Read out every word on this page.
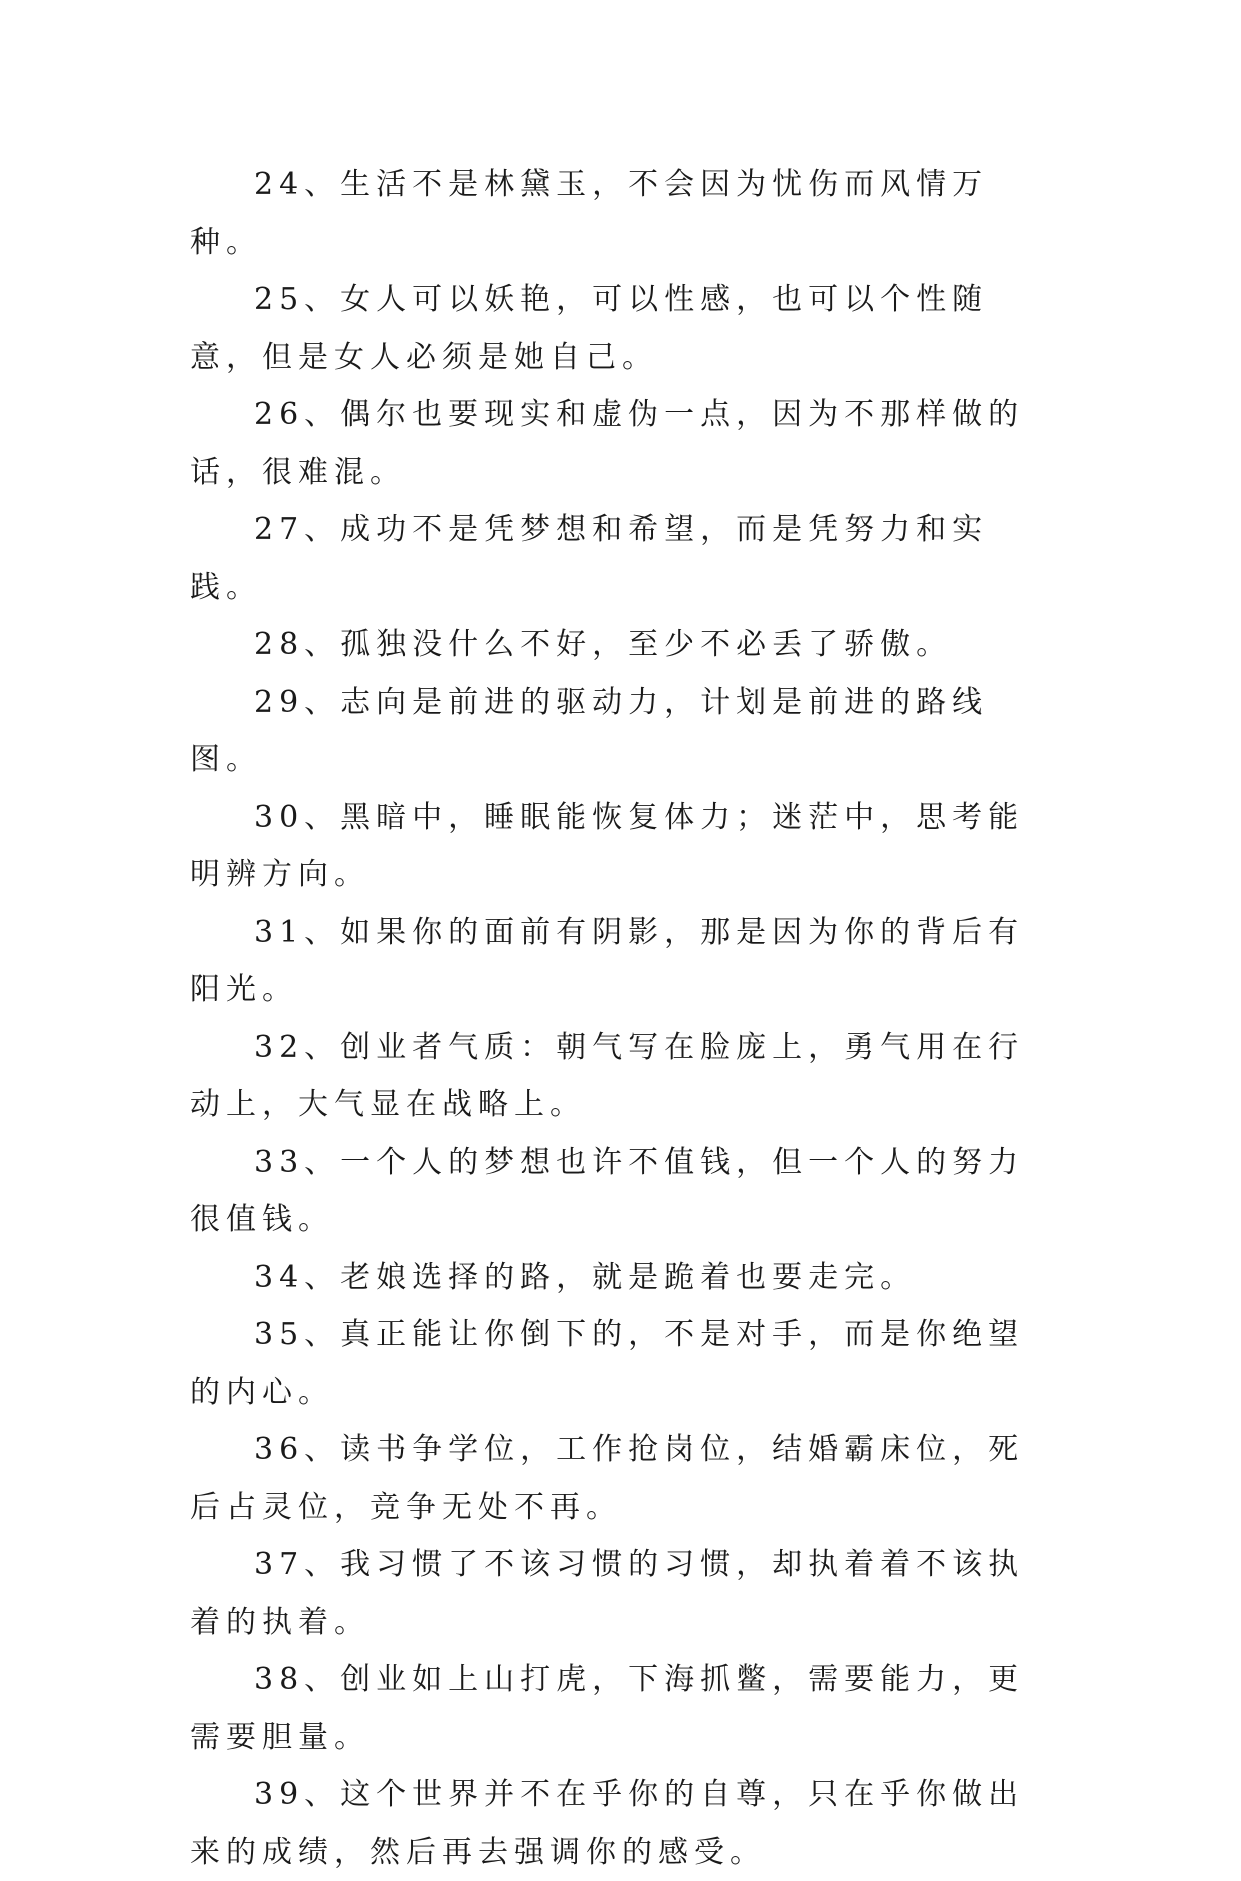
24、生活不是林黛玉，不会因为忧伤而风情万种。

25、女人可以妖艳，可以性感，也可以个性随意，但是女人必须是她自己。

26、偶尔也要现实和虚伪一点，因为不那样做的话，很难混。

27、成功不是凭梦想和希望，而是凭努力和实践。

28、孤独没什么不好，至少不必丢了骄傲。

29、志向是前进的驱动力，计划是前进的路线图。

30、黑暗中，睡眠能恢复体力；迷茫中，思考能明辨方向。

31、如果你的面前有阴影，那是因为你的背后有阳光。

32、创业者气质：朝气写在脸庞上，勇气用在行动上，大气显在战略上。

33、一个人的梦想也许不值钱，但一个人的努力很值钱。

34、老娘选择的路，就是跪着也要走完。

35、真正能让你倒下的，不是对手，而是你绝望的内心。

36、读书争学位，工作抢岗位，结婚霸床位，死后占灵位，竞争无处不再。

37、我习惯了不该习惯的习惯，却执着着不该执着的执着。

38、创业如上山打虎，下海抓鳖，需要能力，更需要胆量。

39、这个世界并不在乎你的自尊，只在乎你做出来的成绩，然后再去强调你的感受。
